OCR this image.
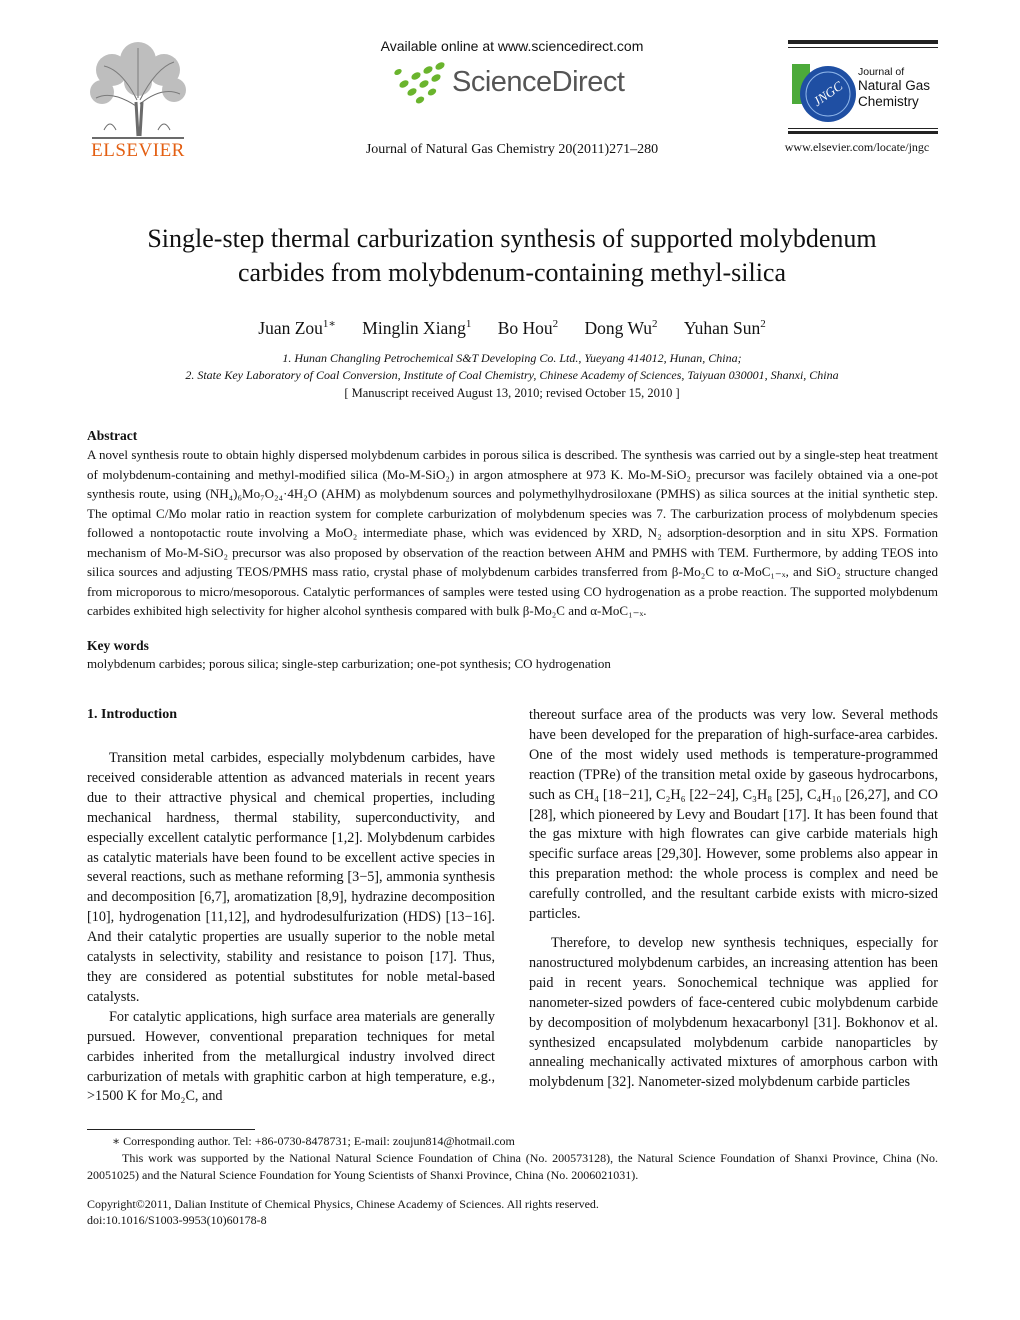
ELSEVIER
Available online at www.sciencedirect.com
ScienceDirect
Journal of Natural Gas Chemistry 20(2011)271–280
JNGC
Journal of
Natural Gas
Chemistry
www.elsevier.com/locate/jngc
Single-step thermal carburization synthesis of supported molybdenum
carbides from molybdenum-containing methyl-silica
Juan Zou$^{1∗}$ Minglin Xiang$^1$ Bo Hou$^2$ Dong Wu$^2$ Yuhan Sun$^2$
1. Hunan Changling Petrochemical S&T Developing Co. Ltd., Yueyang 414012, Hunan, China;
2. State Key Laboratory of Coal Conversion, Institute of Coal Chemistry, Chinese Academy of Sciences, Taiyuan 030001, Shanxi, China
[ Manuscript received August 13, 2010; revised October 15, 2010 ]
Abstract

A novel synthesis route to obtain highly dispersed molybdenum carbides in porous silica is described. The synthesis was carried out by a single-step heat treatment of molybdenum-containing and methyl-modified silica (Mo-M-SiO₂) in argon atmosphere at 973 K. Mo-M-SiO₂ precursor was facilely obtained via a one-pot synthesis route, using (NH₄)₆Mo₇O₂₄·4H₂O (AHM) as molybdenum sources and polymethylhydrosiloxane (PMHS) as silica sources at the initial synthetic step. The optimal C/Mo molar ratio in reaction system for complete carburization of molybdenum species was 7. The carburization process of molybdenum species followed a nontopotactic route involving a MoO₂ intermediate phase, which was evidenced by XRD, N₂ adsorption-desorption and in situ XPS. Formation mechanism of Mo-M-SiO₂ precursor was also proposed by observation of the reaction between AHM and PMHS with TEM. Furthermore, by adding TEOS into silica sources and adjusting TEOS/PMHS mass ratio, crystal phase of molybdenum carbides transferred from β-Mo₂C to α-MoC₁₋ₓ, and SiO₂ structure changed from microporous to micro/mesoporous. Catalytic performances of samples were tested using CO hydrogenation as a probe reaction. The supported molybdenum carbides exhibited high selectivity for higher alcohol synthesis compared with bulk β-Mo₂C and α-MoC₁₋ₓ.

Key words
molybdenum carbides; porous silica; single-step carburization; one-pot synthesis; CO hydrogenation
1. Introduction

Transition metal carbides, especially molybdenum carbides, have received considerable attention as advanced materials in recent years due to their attractive physical and chemical properties, including mechanical hardness, thermal stability, superconductivity, and especially excellent catalytic performance [1,2]. Molybdenum carbides as catalytic materials have been found to be excellent active species in several reactions, such as methane reforming [3−5], ammonia synthesis and decomposition [6,7], aromatization [8,9], hydrazine decomposition [10], hydrogenation [11,12], and hydrodesulfurization (HDS) [13−16]. And their catalytic properties are usually superior to the noble metal catalysts in selectivity, stability and resistance to poison [17]. Thus, they are considered as potential substitutes for noble metal-based catalysts.

For catalytic applications, high surface area materials are generally pursued. However, conventional preparation techniques for metal carbides inherited from the metallurgical industry involved direct carburization of metals with graphitic carbon at high temperature, e.g., >1500 K for Mo₂C, and

thereout surface area of the products was very low. Several methods have been developed for the preparation of high-surface-area carbides. One of the most widely used methods is temperature-programmed reaction (TPRe) of the transition metal oxide by gaseous hydrocarbons, such as CH₄ [18−21], C₂H₆ [22−24], C₃H₈ [25], C₄H₁₀ [26,27], and CO [28], which pioneered by Levy and Boudart [17]. It has been found that the gas mixture with high flowrates can give carbide materials high specific surface areas [29,30]. However, some problems also appear in this preparation method: the whole process is complex and need be carefully controlled, and the resultant carbide exists with micro-sized particles.

Therefore, to develop new synthesis techniques, especially for nanostructured molybdenum carbides, an increasing attention has been paid in recent years. Sonochemical technique was applied for nanometer-sized powders of face-centered cubic molybdenum carbide by decomposition of molybdenum hexacarbonyl [31]. Bokhonov et al. synthesized encapsulated molybdenum carbide nanoparticles by annealing mechanically activated mixtures of amorphous carbon with molybdenum [32]. Nanometer-sized molybdenum carbide particles

∗ Corresponding author. Tel: +86-0730-8478731; E-mail: zoujun814@hotmail.com
This work was supported by the National Natural Science Foundation of China (No. 200573128), the Natural Science Foundation of Shanxi Province, China (No. 20051025) and the Natural Science Foundation for Young Scientists of Shanxi Province, China (No. 2006021031).
Copyright©2011, Dalian Institute of Chemical Physics, Chinese Academy of Sciences. All rights reserved.
doi:10.1016/S1003-9953(10)60178-8
